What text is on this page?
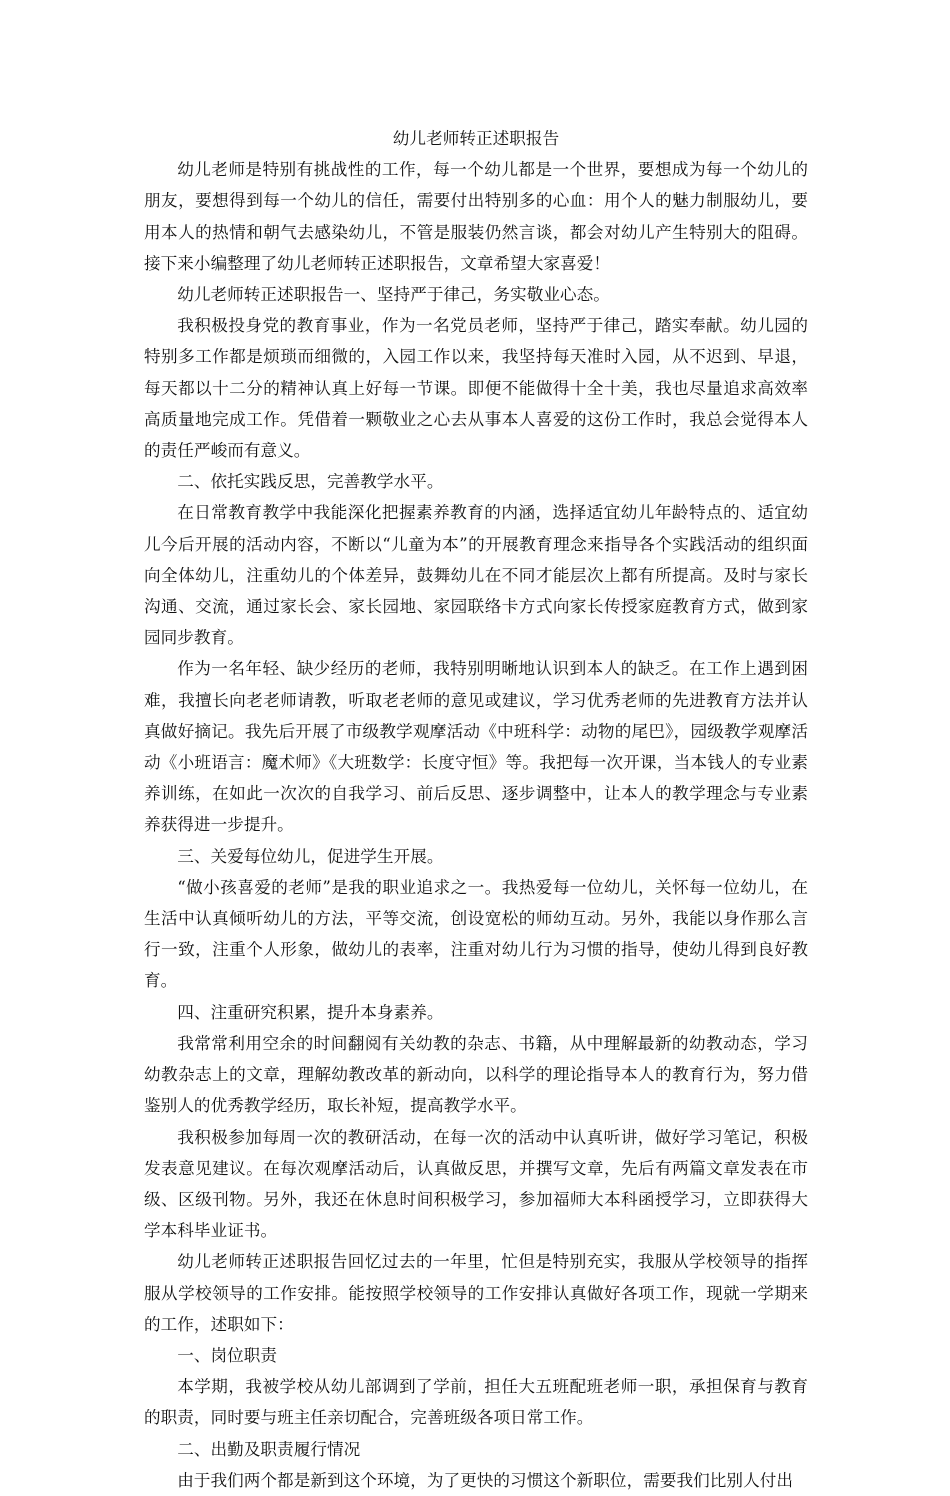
幼儿老师转正述职报告

幼儿老师是特别有挑战性的工作，每一个幼儿都是一个世界，要想成为每一个幼儿的朋友，要想得到每一个幼儿的信任，需要付出特别多的心血：用个人的魅力制服幼儿，要用本人的热情和朝气去感染幼儿，不管是服装仍然言谈，都会对幼儿产生特别大的阻碍。接下来小编整理了幼儿老师转正述职报告，文章希望大家喜爱！

幼儿老师转正述职报告一、坚持严于律己，务实敬业心态。

我积极投身党的教育事业，作为一名党员老师，坚持严于律己，踏实奉献。幼儿园的特别多工作都是烦琐而细微的，入园工作以来，我坚持每天准时入园，从不迟到、早退，每天都以十二分的精神认真上好每一节课。即便不能做得十全十美，我也尽量追求高效率高质量地完成工作。凭借着一颗敬业之心去从事本人喜爱的这份工作时，我总会觉得本人的责任严峻而有意义。

二、依托实践反思，完善教学水平。

在日常教育教学中我能深化把握素养教育的内涵，选择适宜幼儿年龄特点的、适宜幼儿今后开展的活动内容，不断以“儿童为本”的开展教育理念来指导各个实践活动的组织面向全体幼儿，注重幼儿的个体差异，鼓舞幼儿在不同才能层次上都有所提高。及时与家长沟通、交流，通过家长会、家长园地、家园联络卡方式向家长传授家庭教育方式，做到家园同步教育。

作为一名年轻、缺少经历的老师，我特别明晰地认识到本人的缺乏。在工作上遇到困难，我擅长向老老师请教，听取老老师的意见或建议，学习优秀老师的先进教育方法并认真做好摘记。我先后开展了市级教学观摩活动《中班科学：动物的尾巴》，园级教学观摩活动《小班语言：魔术师》《大班数学：长度守恒》等。我把每一次开课，当本钱人的专业素养训练，在如此一次次的自我学习、前后反思、逐步调整中，让本人的教学理念与专业素养获得进一步提升。

三、关爱每位幼儿，促进学生开展。

“做小孩喜爱的老师”是我的职业追求之一。我热爱每一位幼儿，关怀每一位幼儿，在生活中认真倾听幼儿的方法，平等交流，创设宽松的师幼互动。另外，我能以身作那么言行一致，注重个人形象，做幼儿的表率，注重对幼儿行为习惯的指导，使幼儿得到良好教育。

四、注重研究积累，提升本身素养。

我常常利用空余的时间翻阅有关幼教的杂志、书籍，从中理解最新的幼教动态，学习幼教杂志上的文章，理解幼教改革的新动向，以科学的理论指导本人的教育行为，努力借鉴别人的优秀教学经历，取长补短，提高教学水平。

我积极参加每周一次的教研活动，在每一次的活动中认真听讲，做好学习笔记，积极发表意见建议。在每次观摩活动后，认真做反思，并撰写文章，先后有两篇文章发表在市级、区级刊物。另外，我还在休息时间积极学习，参加福师大本科函授学习，立即获得大学本科毕业证书。

幼儿老师转正述职报告回忆过去的一年里，忙但是特别充实，我服从学校领导的指挥服从学校领导的工作安排。能按照学校领导的工作安排认真做好各项工作，现就一学期来的工作，述职如下：

一、岗位职责

本学期，我被学校从幼儿部调到了学前，担任大五班配班老师一职，承担保育与教育的职责，同时要与班主任亲切配合，完善班级各项日常工作。

二、出勤及职责履行情况

由于我们两个都是新到这个环境，为了更快的习惯这个新职位，需要我们比别人付出
